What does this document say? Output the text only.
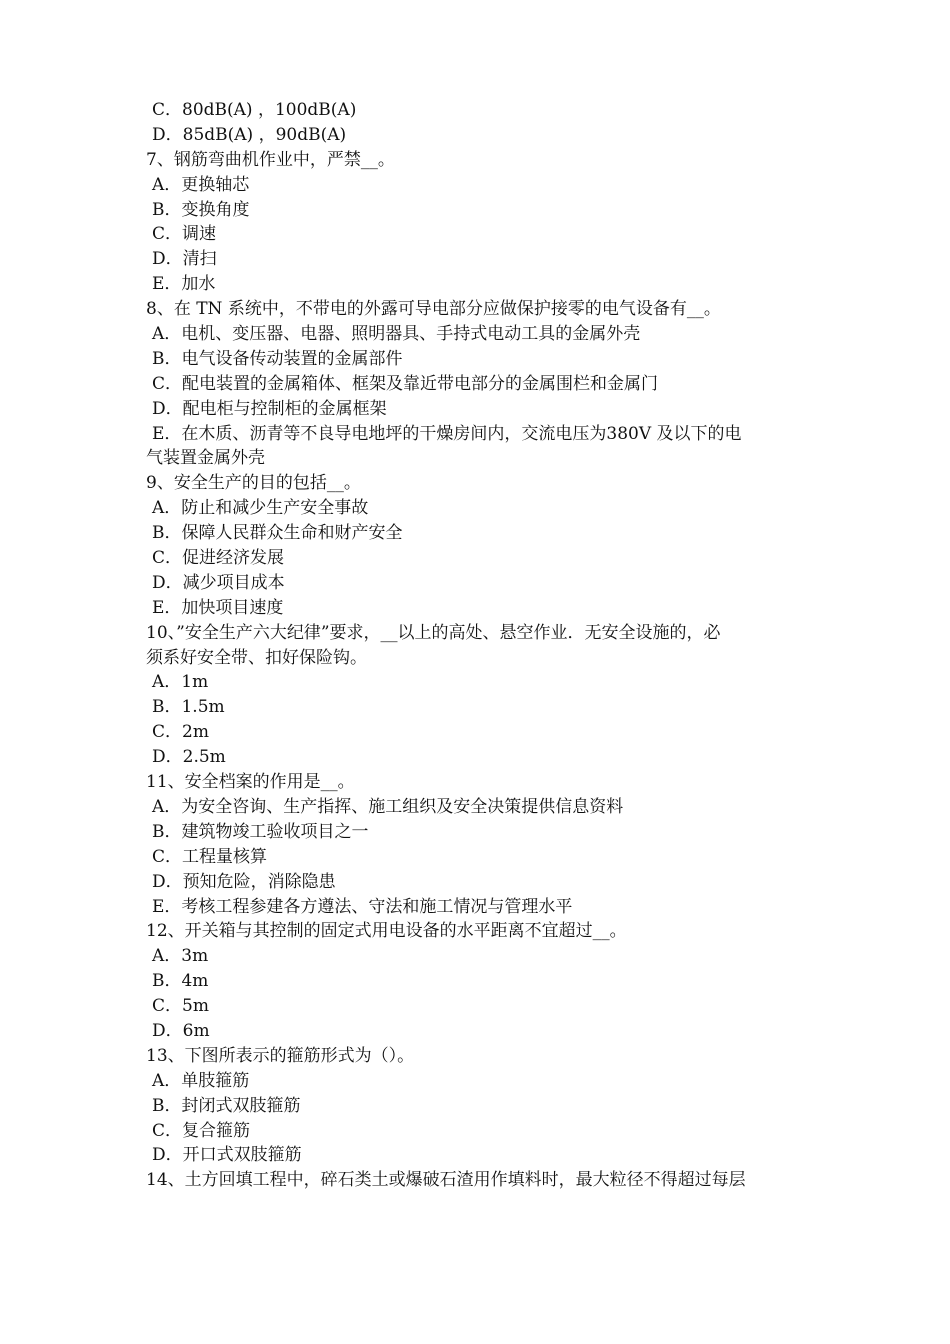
C．80dB(A) ，100dB(A)
D．85dB(A) ，90dB(A)
7、钢筋弯曲机作业中，严禁__。
A．更换轴芯
B．变换角度
C．调速
D．清扫
E．加水
8、在 TN 系统中，不带电的外露可导电部分应做保护接零的电气设备有__。
A．电机、变压器、电器、照明器具、手持式电动工具的金属外壳
B．电气设备传动装置的金属部件
C．配电装置的金属箱体、框架及靠近带电部分的金属围栏和金属门
D．配电柜与控制柜的金属框架
E．在木质、沥青等不良导电地坪的干燥房间内，交流电压为380V 及以下的电
气装置金属外壳
9、安全生产的目的包括__。
A．防止和减少生产安全事故
B．保障人民群众生命和财产安全
C．促进经济发展
D．减少项目成本
E．加快项目速度
10、”安全生产六大纪律”要求，__以上的高处、悬空作业．无安全设施的，必
须系好安全带、扣好保险钩。
A．1m
B．1.5m
C．2m
D．2.5m
11、安全档案的作用是__。
A．为安全咨询、生产指挥、施工组织及安全决策提供信息资料
B．建筑物竣工验收项目之一
C．工程量核算
D．预知危险，消除隐患
E．考核工程参建各方遵法、守法和施工情况与管理水平
12、开关箱与其控制的固定式用电设备的水平距离不宜超过__。
A．3m
B．4m
C．5m
D．6m
13、下图所表示的箍筋形式为（）。
A．单肢箍筋
B．封闭式双肢箍筋
C．复合箍筋
D．开口式双肢箍筋
14、土方回填工程中，碎石类土或爆破石渣用作填料时，最大粒径不得超过每层
